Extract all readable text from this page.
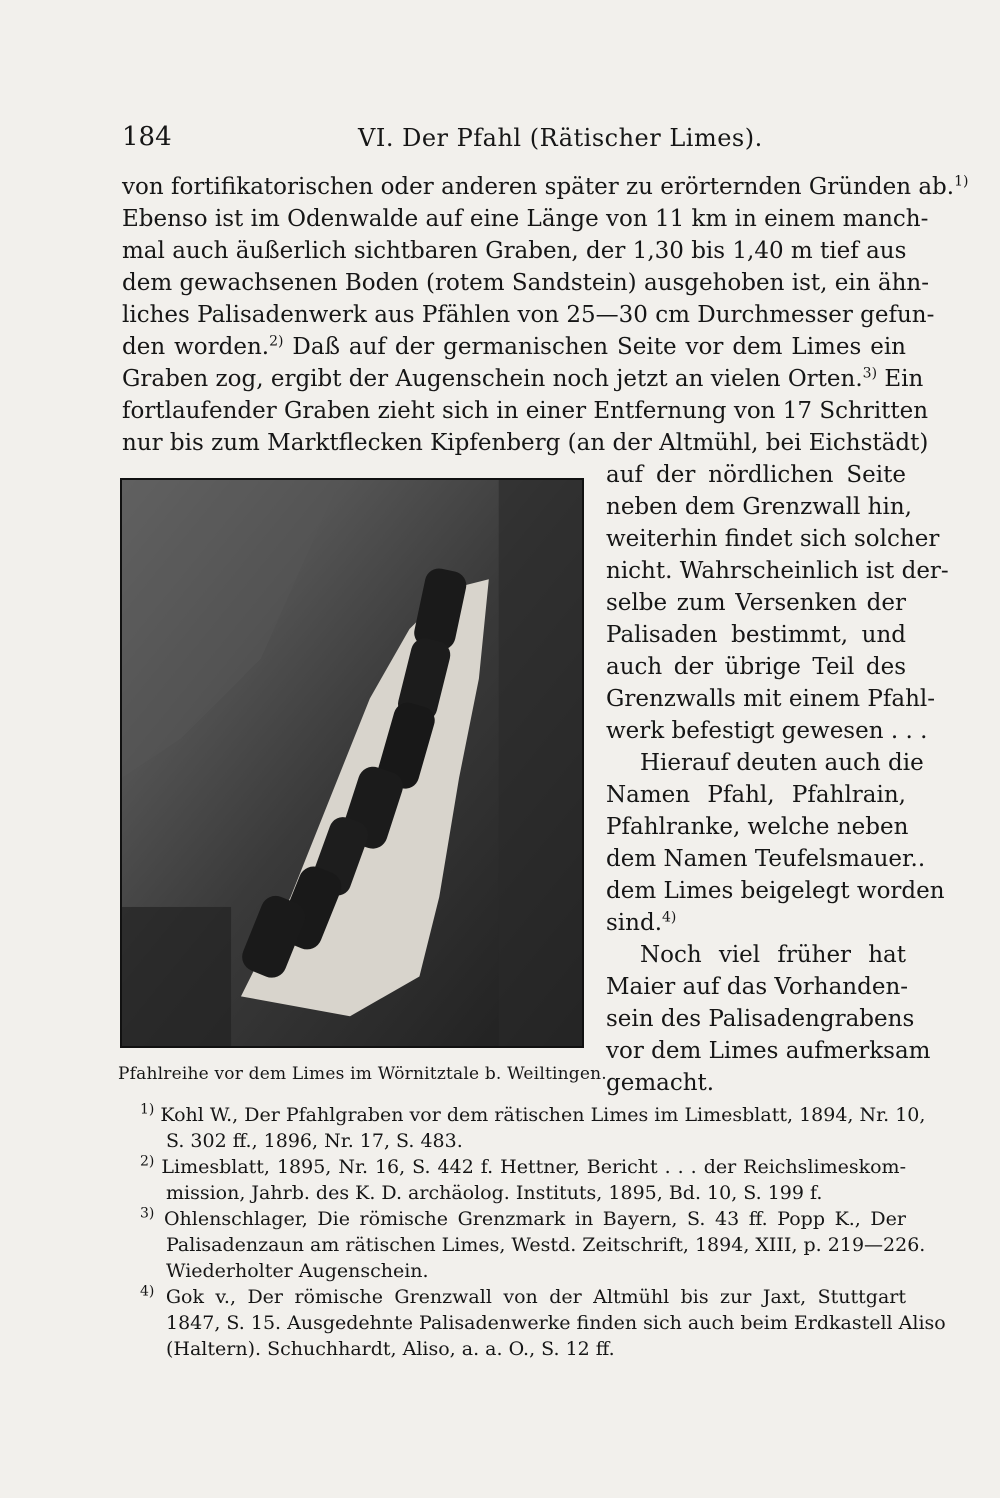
184	VI. Der Pfahl (Rätischer Limes).
von fortifikatorischen oder anderen später zu erörternden Gründen ab.$^{1)}$
Ebenso ist im Odenwalde auf eine Länge von 11 km in einem manch-
mal auch äußerlich sichtbaren Graben, der 1,30 bis 1,40 m tief aus
dem gewachsenen Boden (rotem Sandstein) ausgehoben ist, ein ähn-
liches Palisadenwerk aus Pfählen von 25—30 cm Durchmesser gefun-
den worden.$^{2)}$ Daß auf der germanischen Seite vor dem Limes ein
Graben zog, ergibt der Augenschein noch jetzt an vielen Orten.$^{3)}$ Ein
fortlaufender Graben zieht sich in einer Entfernung von 17 Schritten
nur bis zum Marktflecken Kipfenberg (an der Altmühl, bei Eichstädt)
auf der nördlichen Seite
neben dem Grenzwall hin,
weiterhin findet sich solcher
nicht. Wahrscheinlich ist der-
selbe zum Versenken der
Palisaden bestimmt, und
auch der übrige Teil des
Grenzwalls mit einem Pfahl-
werk befestigt gewesen . . .
Hierauf deuten auch die
Namen Pfahl, Pfahlrain,
Pfahlranke, welche neben
dem Namen Teufelsmauer..
dem Limes beigelegt worden
sind.$^{4)}$
Noch viel früher hat
Maier auf das Vorhanden-
sein des Palisadengrabens
vor dem Limes aufmerksam
gemacht.
Pfahlreihe vor dem Limes im Wörnitztale b. Weiltingen.
$^{1)}$ Kohl W., Der Pfahlgraben vor dem rätischen Limes im Limesblatt, 1894, Nr. 10,
S. 302 ff., 1896, Nr. 17, S. 483.
$^{2)}$ Limesblatt, 1895, Nr. 16, S. 442 f. Hettner, Bericht . . . der Reichslimeskom-
mission, Jahrb. des K. D. archäolog. Instituts, 1895, Bd. 10, S. 199 f.
$^{3)}$ Ohlenschlager, Die römische Grenzmark in Bayern, S. 43 ff. Popp K., Der
Palisadenzaun am rätischen Limes, Westd. Zeitschrift, 1894, XIII, p. 219—226.
Wiederholter Augenschein.
$^{4)}$ Gok v., Der römische Grenzwall von der Altmühl bis zur Jaxt, Stuttgart
1847, S. 15. Ausgedehnte Palisadenwerke finden sich auch beim Erdkastell Aliso
(Haltern). Schuchhardt, Aliso, a. a. O., S. 12 ff.
